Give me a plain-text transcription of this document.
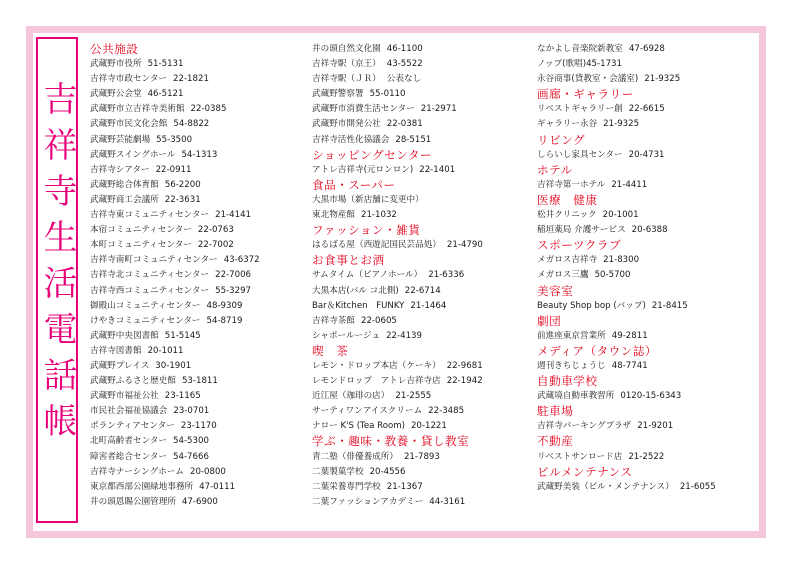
吉祥寺生活電話帳
公共施設
武蔵野市役所 51-5131
吉祥寺市政センター 22-1821
武蔵野公会堂 46-5121
武蔵野市立吉祥寺美術館 22-0385
武蔵野市民文化会館 54-8822
武蔵野芸能劇場 55-3500
武蔵野スイングホール 54-1313
吉祥寺シアター 22-0911
武蔵野総合体育館 56-2200
武蔵野商工会議所 22-3631
吉祥寺東コミュニティセンター 21-4141
本宿コミュニティセンター 22-0763
本町コミュニティセンター 22-7002
吉祥寺南町コミュニティセンター 43-6372
吉祥寺北コミュニティセンター 22-7006
吉祥寺西コミュニティセンター 55-3297
御殿山コミュニティセンター 48-9309
けやきコミュニティセンター 54-8719
武蔵野中央図書館 51-5145
吉祥寺図書館 20-1011
武蔵野プレイス 30-1901
武蔵野ふるさと歴史館 53-1811
武蔵野市福祉公社 23-1165
市民社会福祉協議会 23-0701
ボランティアセンター 23-1170
北町高齢者センター 54-5300
障害者総合センター 54-7666
吉祥寺ナーシングホーム 20-0800
東京都西部公園緑地事務所 47-0111
井の頭恩賜公園管理所 47-6900
井の頭自然文化園 46-1100
吉祥寺駅（京王） 43-5522
吉祥寺駅（ＪＲ） 公表なし
武蔵野警察署 55-0110
武蔵野市消費生活センター 21-2971
武蔵野市開発公社 22-0381
吉祥寺活性化協議会 28-5151
ショッピングセンター
アトレ吉祥寺(元ロンロン) 22-1401
食品・スーパー
大黒市場（新店舗に変更中）
東北物産館 21-1032
ファッション・雑貨
はるばる屋（西遊記国民芸品処） 21-4790
お食事とお酒
サムタイム（ピアノホール） 21-6336
大黒本店(バル コ北側) 22-6714
Bar＆Kitchen　FUNKY 21-1464
吉祥寺茶館 22-0605
シャポールージュ 22-4139
喫　茶
レモン・ドロップ本店（ケーキ） 22-9681
レモンドロップ　アトレ吉祥寺店 22-1942
近江屋（珈琲の店） 21-2555
サーティワンアイスクリーム 22-3485
ナロー K'S (Tea Room) 20-1221
学ぶ・趣味・教養・貸し教室
青二塾（俳優養成所） 21-7893
二葉製菓学校 20-4556
二葉栄養専門学校 21-1367
二葉ファッションアカデミー 44-3161
なかよし音楽院新教室 47-6928
ノップ(歌唱)45-1731
永谷商事(貸教室・会議室) 21-9325
画廊・ギャラリー
リベストギャラリー創 22-6615
ギャラリー永谷 21-9325
リビング
しらいし家具センター 20-4731
ホテル
吉祥寺第一ホテル 21-4411
医療　健康
松井クリニック 20-1001
稲垣薬局 介護サービス 20-6388
スポーツクラブ
メガロス吉祥寺 21-8300
メガロス三鷹 50-5700
美容室
Beauty Shop bop (バップ) 21-8415
劇団
前進座東京営業所 49-2811
メディア（タウン誌）
週刊きちじょうじ 48-7741
自動車学校
武蔵境自動車教習所 0120-15-6343
駐車場
吉祥寺パーキングプラザ 21-9201
不動産
リベストサンロード店 21-2522
ビルメンテナンス
武蔵野美装（ビル・メンテナンス） 21-6055
